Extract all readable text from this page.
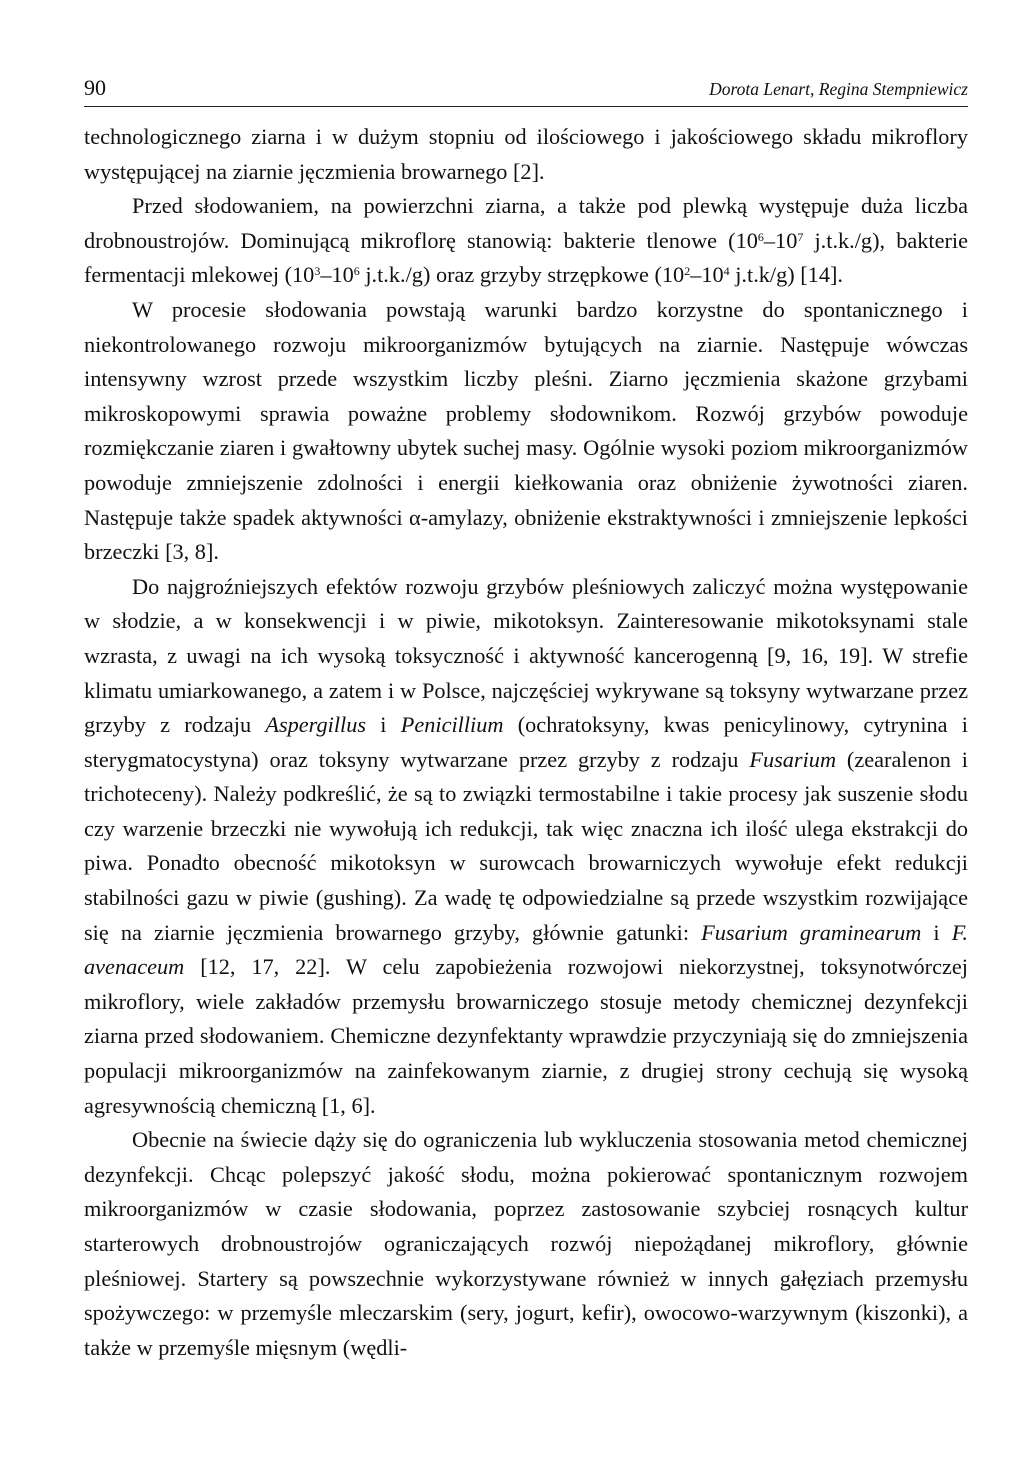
90	Dorota Lenart, Regina Stempniewicz

technologicznego ziarna i w dużym stopniu od ilościowego i jakościowego składu mikroflory występującej na ziarnie jęczmienia browarnego [2].

Przed słodowaniem, na powierzchni ziarna, a także pod plewką występuje duża liczba drobnoustrojów. Dominującą mikroflorę stanowią: bakterie tlenowe ($10^6-10^7$ j.t.k./g), bakterie fermentacji mlekowej ($10^3-10^6$ j.t.k./g) oraz grzyby strzępkowe ($10^2-10^4$ j.t.k/g) [14].

W procesie słodowania powstają warunki bardzo korzystne do spontanicznego i niekontrolowanego rozwoju mikroorganizmów bytujących na ziarnie. Następuje wówczas intensywny wzrost przede wszystkim liczby pleśni. Ziarno jęczmienia skażone grzybami mikroskopowymi sprawia poważne problemy słodownikom. Rozwój grzybów powoduje rozmiękczanie ziaren i gwałtowny ubytek suchej masy. Ogólnie wysoki poziom mikroorganizmów powoduje zmniejszenie zdolności i energii kiełkowania oraz obniżenie żywotności ziaren. Następuje także spadek aktywności α-amylazy, obniżenie ekstraktywności i zmniejszenie lepkości brzeczki [3, 8].

Do najgroźniejszych efektów rozwoju grzybów pleśniowych zaliczyć można występowanie w słodzie, a w konsekwencji i w piwie, mikotoksyn. Zainteresowanie mikotoksynami stale wzrasta, z uwagi na ich wysoką toksyczność i aktywność kancerogenną [9, 16, 19]. W strefie klimatu umiarkowanego, a zatem i w Polsce, najczęściej wykrywane są toksyny wytwarzane przez grzyby z rodzaju Aspergillus i Penicillium (ochratoksyny, kwas penicylinowy, cytrynina i sterygmatocystyna) oraz toksyny wytwarzane przez grzyby z rodzaju Fusarium (zearalenon i trichoteceny). Należy podkreślić, że są to związki termostabilne i takie procesy jak suszenie słodu czy warzenie brzeczki nie wywołują ich redukcji, tak więc znaczna ich ilość ulega ekstrakcji do piwa. Ponadto obecność mikotoksyn w surowcach browarniczych wywołuje efekt redukcji stabilności gazu w piwie (gushing). Za wadę tę odpowiedzialne są przede wszystkim rozwijające się na ziarnie jęczmienia browarnego grzyby, głównie gatunki: Fusarium graminearum i F. avenaceum [12, 17, 22]. W celu zapobieżenia rozwojowi niekorzystnej, toksynotwórczej mikroflory, wiele zakładów przemysłu browarniczego stosuje metody chemicznej dezynfekcji ziarna przed słodowaniem. Chemiczne dezynfektanty wprawdzie przyczyniają się do zmniejszenia populacji mikroorganizmów na zainfekowanym ziarnie, z drugiej strony cechują się wysoką agresywnością chemiczną [1, 6].

Obecnie na świecie dąży się do ograniczenia lub wykluczenia stosowania metod chemicznej dezynfekcji. Chcąc polepszyć jakość słodu, można pokierować spontanicznym rozwojem mikroorganizmów w czasie słodowania, poprzez zastosowanie szybciej rosnących kultur starterowych drobnoustrojów ograniczających rozwój niepożądanej mikroflory, głównie pleśniowej. Startery są powszechnie wykorzystywane również w innych gałęziach przemysłu spożywczego: w przemyśle mleczarskim (sery, jogurt, kefir), owocowo-warzywnym (kiszonki), a także w przemyśle mięsnym (wędli-
